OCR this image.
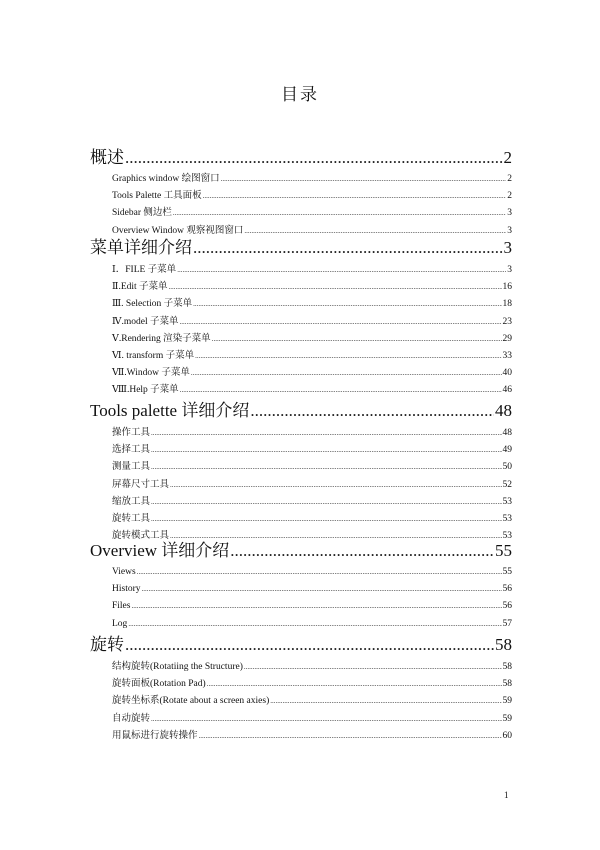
目录
概述 .....	2
Graphics window 绘图窗口 .....	2
Tools Palette 工具面板 .....	2
Sidebar 侧边栏 .....	3
Overview Window 观察视图窗口 .....	3
菜单详细介绍 .....	3
Ⅰ．FILE 子菜单 .....	3
Ⅱ.Edit 子菜单 .....	16
Ⅲ. Selection 子菜单 .....	18
Ⅳ.model 子菜单 .....	23
Ⅴ.Rendering 渲染子菜单 .....	29
Ⅵ. transform 子菜单 .....	33
Ⅶ.Window 子菜单 .....	40
Ⅷ.Help 子菜单 .....	46
Tools palette 详细介绍 .....	48
操作工具 .....	48
选择工具 .....	49
测量工具 .....	50
屏幕尺寸工具 .....	52
缩放工具 .....	53
旋转工具 .....	53
旋转模式工具 .....	53
Overview 详细介绍 .....	55
Views .....	55
History .....	56
Files .....	56
Log .....	57
旋转 .....	58
结构旋转(Rotatiing the Structure) .....	58
旋转面板(Rotation Pad) .....	58
旋转坐标系(Rotate about a screen axies) .....	59
自动旋转 .....	59
用鼠标进行旋转操作 .....	60
1
